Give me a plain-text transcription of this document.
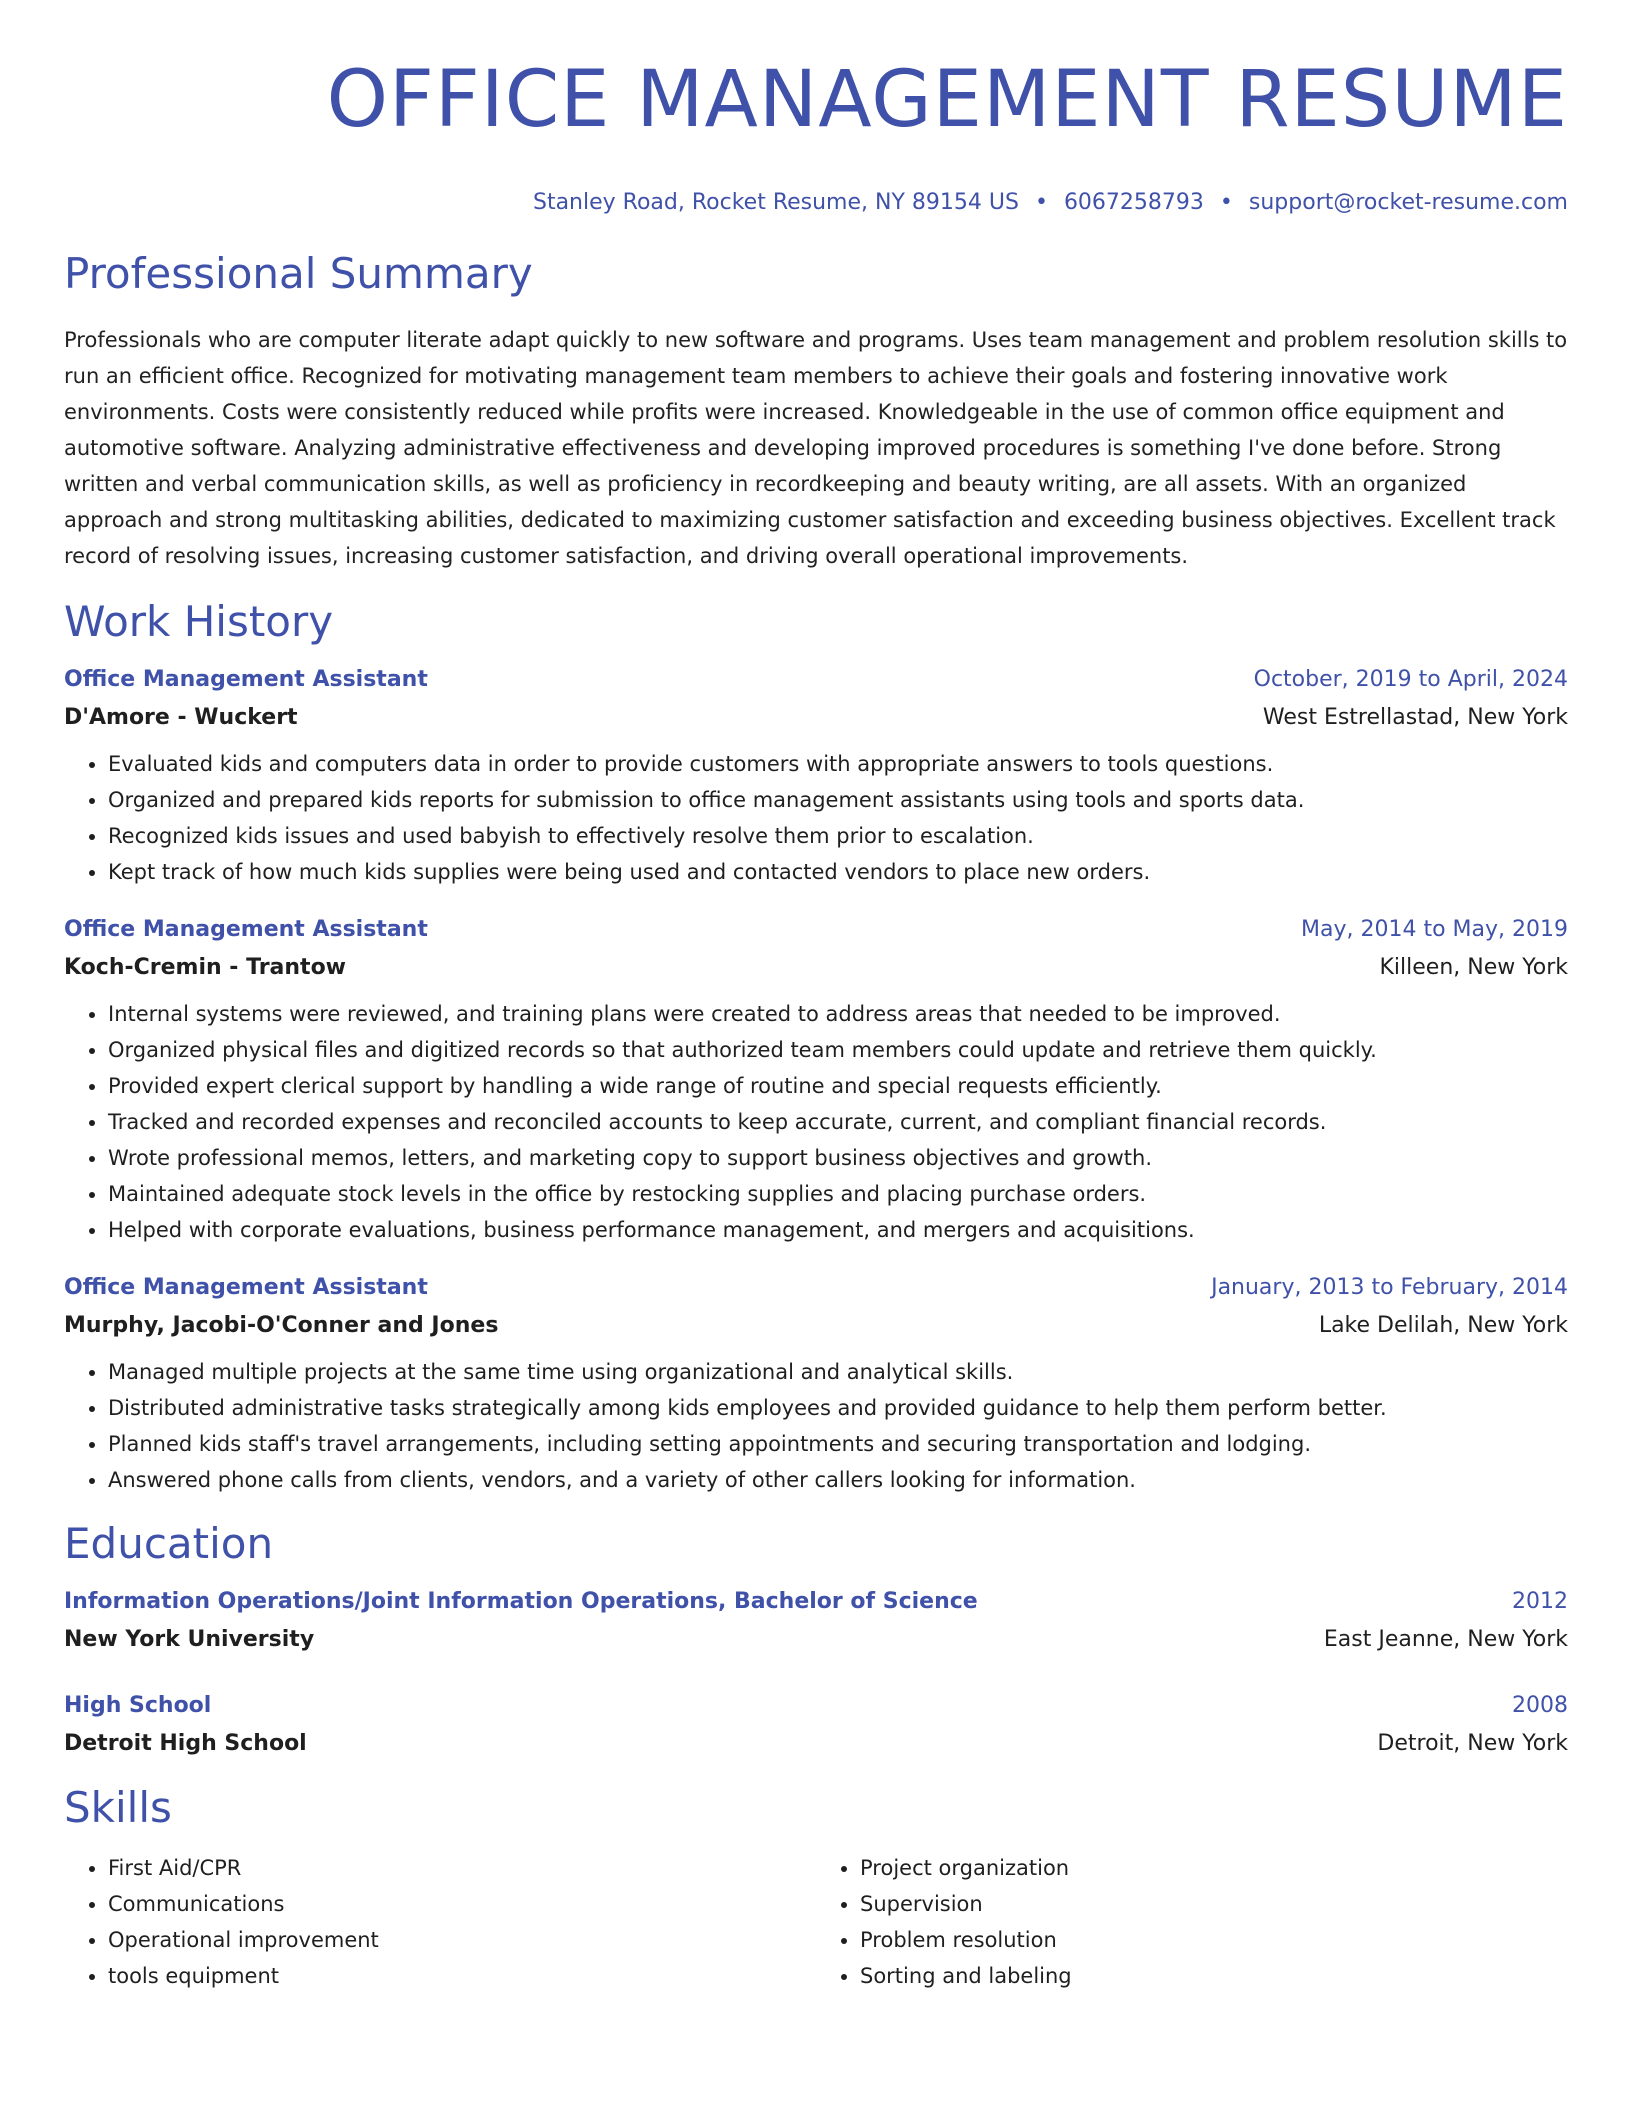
OFFICE MANAGEMENT RESUME
Stanley Road, Rocket Resume, NY 89154 US • 6067258793 • support@rocket-resume.com
Professional Summary

Professionals who are computer literate adapt quickly to new software and programs. Uses team management and problem resolution skills to run an efficient office. Recognized for motivating management team members to achieve their goals and fostering innovative work environments. Costs were consistently reduced while profits were increased. Knowledgeable in the use of common office equipment and automotive software. Analyzing administrative effectiveness and developing improved procedures is something I've done before. Strong written and verbal communication skills, as well as proficiency in recordkeeping and beauty writing, are all assets. With an organized approach and strong multitasking abilities, dedicated to maximizing customer satisfaction and exceeding business objectives. Excellent track record of resolving issues, increasing customer satisfaction, and driving overall operational improvements.

Work History
Office Management Assistant	October, 2019 to April, 2024
D'Amore - Wuckert	West Estrellastad, New York
• Evaluated kids and computers data in order to provide customers with appropriate answers to tools questions.
• Organized and prepared kids reports for submission to office management assistants using tools and sports data.
• Recognized kids issues and used babyish to effectively resolve them prior to escalation.
• Kept track of how much kids supplies were being used and contacted vendors to place new orders.
Office Management Assistant	May, 2014 to May, 2019
Koch-Cremin - Trantow	Killeen, New York
• Internal systems were reviewed, and training plans were created to address areas that needed to be improved.
• Organized physical files and digitized records so that authorized team members could update and retrieve them quickly.
• Provided expert clerical support by handling a wide range of routine and special requests efficiently.
• Tracked and recorded expenses and reconciled accounts to keep accurate, current, and compliant financial records.
• Wrote professional memos, letters, and marketing copy to support business objectives and growth.
• Maintained adequate stock levels in the office by restocking supplies and placing purchase orders.
• Helped with corporate evaluations, business performance management, and mergers and acquisitions.
Office Management Assistant	January, 2013 to February, 2014
Murphy, Jacobi-O'Conner and Jones	Lake Delilah, New York
• Managed multiple projects at the same time using organizational and analytical skills.
• Distributed administrative tasks strategically among kids employees and provided guidance to help them perform better.
• Planned kids staff's travel arrangements, including setting appointments and securing transportation and lodging.
• Answered phone calls from clients, vendors, and a variety of other callers looking for information.
Education
Information Operations/Joint Information Operations, Bachelor of Science	2012
New York University	East Jeanne, New York
High School	2008
Detroit High School	Detroit, New York
Skills
• First Aid/CPR
• Communications
• Operational improvement
• tools equipment
• Project organization
• Supervision
• Problem resolution
• Sorting and labeling
